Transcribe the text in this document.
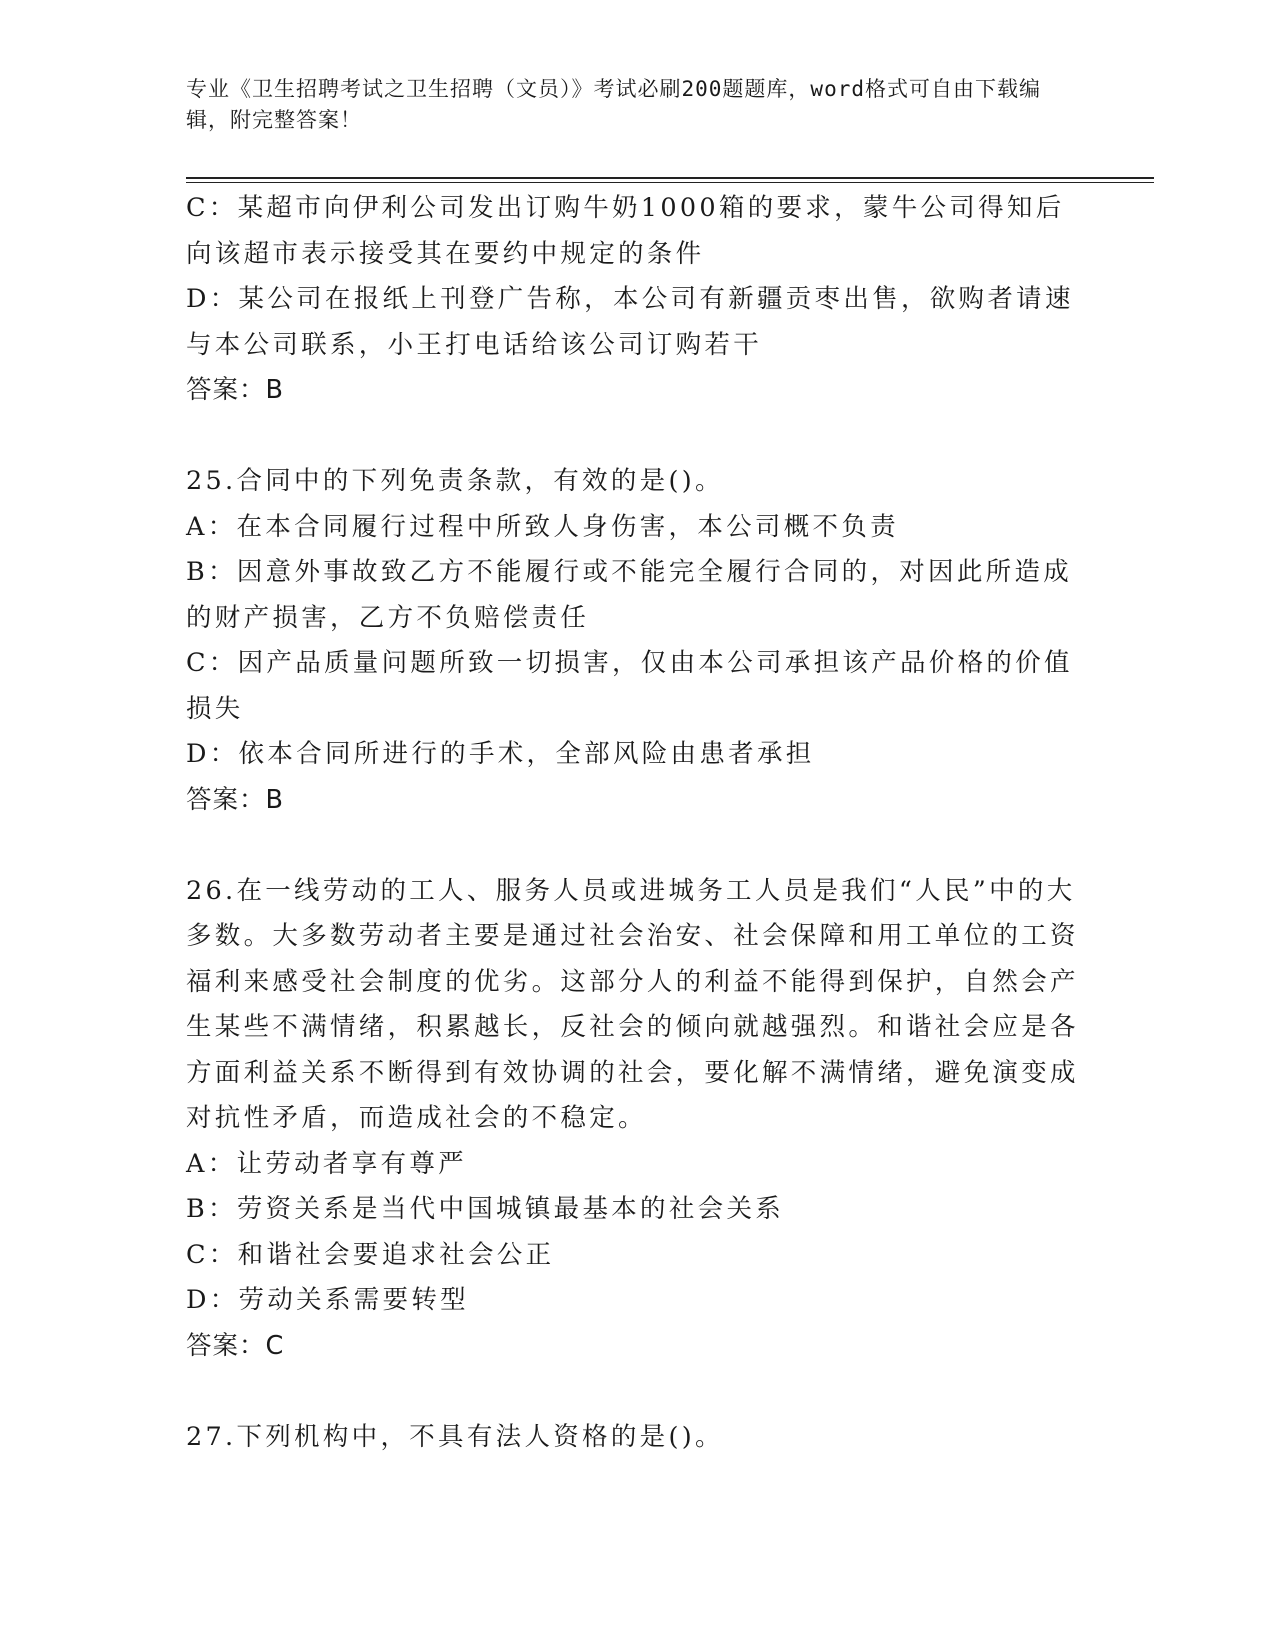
专业《卫生招聘考试之卫生招聘（文员）》考试必刷200题题库，word格式可自由下载编辑，附完整答案！

C：某超市向伊利公司发出订购牛奶1000箱的要求，蒙牛公司得知后向该超市表示接受其在要约中规定的条件

D：某公司在报纸上刊登广告称，本公司有新疆贡枣出售，欲购者请速与本公司联系，小王打电话给该公司订购若干

答案：B

25.合同中的下列免责条款，有效的是()。

A：在本合同履行过程中所致人身伤害，本公司概不负责

B：因意外事故致乙方不能履行或不能完全履行合同的，对因此所造成的财产损害，乙方不负赔偿责任

C：因产品质量问题所致一切损害，仅由本公司承担该产品价格的价值损失

D：依本合同所进行的手术，全部风险由患者承担

答案：B

26.在一线劳动的工人、服务人员或进城务工人员是我们“人民”中的大多数。大多数劳动者主要是通过社会治安、社会保障和用工单位的工资福利来感受社会制度的优劣。这部分人的利益不能得到保护，自然会产生某些不满情绪，积累越长，反社会的倾向就越强烈。和谐社会应是各方面利益关系不断得到有效协调的社会，要化解不满情绪，避免演变成对抗性矛盾，而造成社会的不稳定。

A：让劳动者享有尊严

B：劳资关系是当代中国城镇最基本的社会关系

C：和谐社会要追求社会公正

D：劳动关系需要转型

答案：C

27.下列机构中，不具有法人资格的是()。
